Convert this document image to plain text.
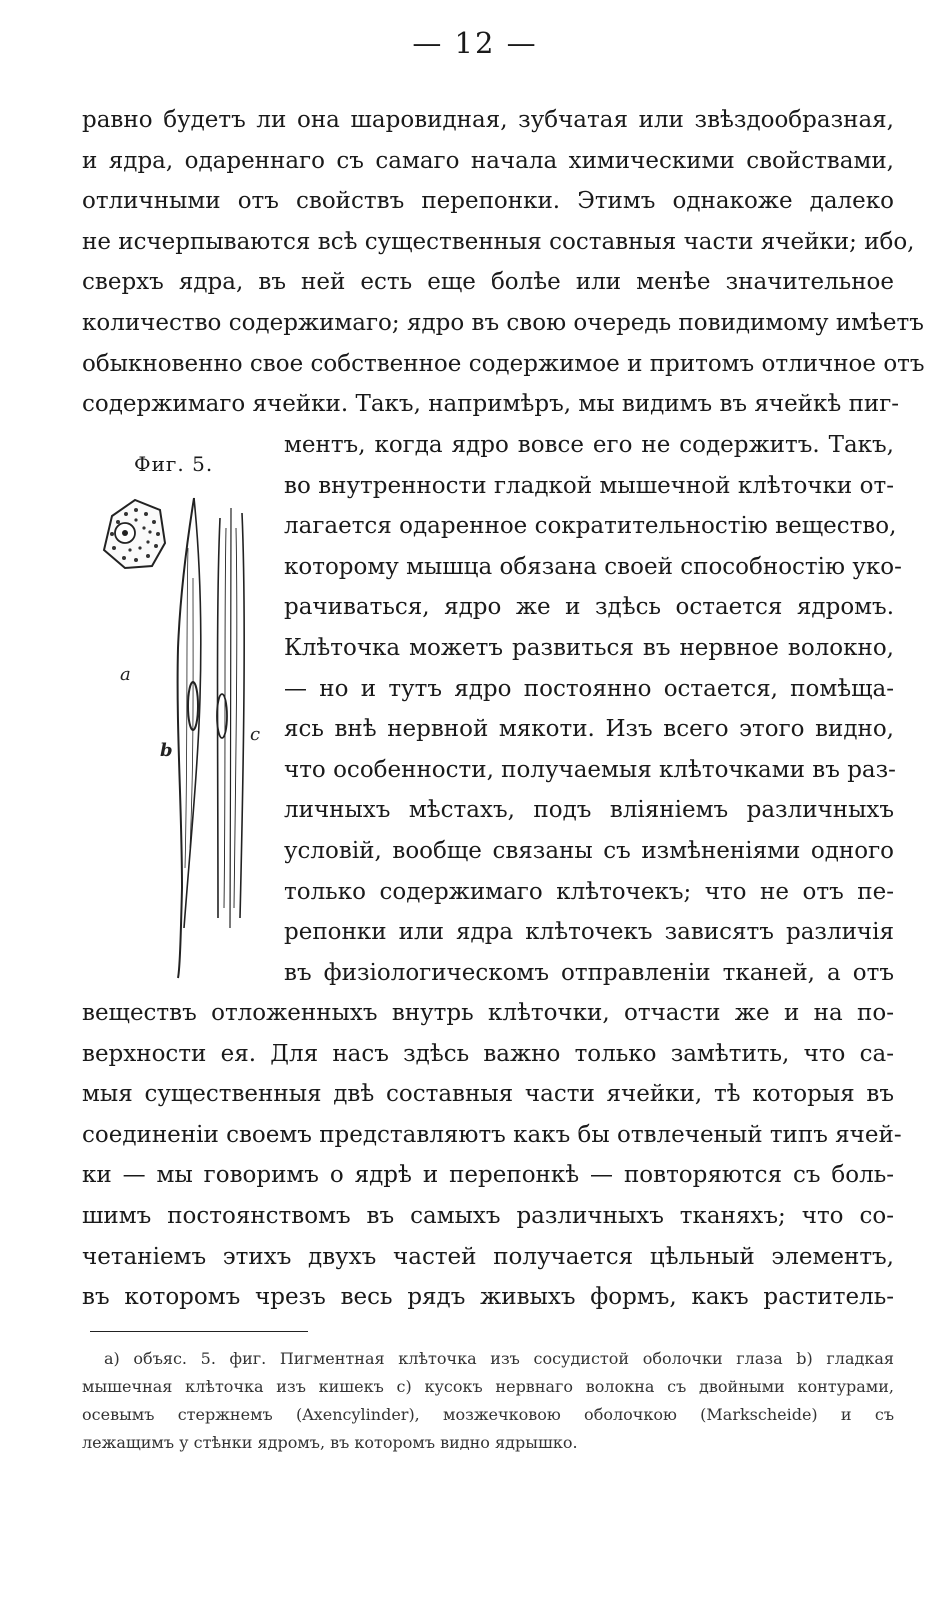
— 12 —
равно будетъ ли она шаровидная, зубчатая или звѣздообразная,
и ядра, одареннаго съ самаго начала химическими свойствами,
отличными отъ свойствъ перепонки. Этимъ однакоже далеко
не исчерпываются всѣ существенныя составныя части ячейки; ибо,
сверхъ ядра, въ ней есть еще болѣе или менѣе значительное
количество содержимаго; ядро въ свою очередь повидимому имѣетъ
обыкновенно свое собственное содержимое и притомъ отличное отъ
содержимаго ячейки. Такъ, напримѣръ, мы видимъ въ ячейкѣ пиг-
ментъ, когда ядро вовсе его не содержитъ. Такъ,
во внутренности гладкой мышечной клѣточки от-
лагается одаренное сократительностію вещество,
которому мышца обязана своей способностію уко-
рачиваться, ядро же и здѣсь остается ядромъ.
Клѣточка можетъ развиться въ нервное волокно,
— но и тутъ ядро постоянно остается, помѣща-
ясь внѣ нервной мякоти. Изъ всего этого видно,
что особенности, получаемыя клѣточками въ раз-
личныхъ мѣстахъ, подъ вліяніемъ различныхъ
условій, вообще связаны съ измѣненіями одного
только содержимаго клѣточекъ; что не отъ пе-
репонки или ядра клѣточекъ зависятъ различія
въ физіологическомъ отправленіи тканей, а отъ
веществъ отложенныхъ внутрь клѣточки, отчасти же и на по-
верхности ея. Для насъ здѣсь важно только замѣтить, что са-
мыя существенныя двѣ составныя части ячейки, тѣ которыя въ
соединеніи своемъ представляютъ какъ бы отвлеченый типъ ячей-
ки — мы говоримъ о ядрѣ и перепонкѣ — повторяются съ боль-
шимъ постоянствомъ въ самыхъ различныхъ тканяхъ; что со-
четаніемъ этихъ двухъ частей получается цѣльный элементъ,
въ которомъ чрезъ весь рядъ живыхъ формъ, какъ раститель-
Фиг. 5.
a
b
c
a) объяс. 5. фиг. Пигментная клѣточка изъ сосудистой оболочки глаза b) гладкая
мышечная клѣточка изъ кишекъ c) кусокъ нервнаго волокна съ двойными контурами,
осевымъ стержнемъ (Axencylinder), мозжечковою оболочкою (Markscheide) и съ
лежащимъ у стѣнки ядромъ, въ которомъ видно ядрышко.
